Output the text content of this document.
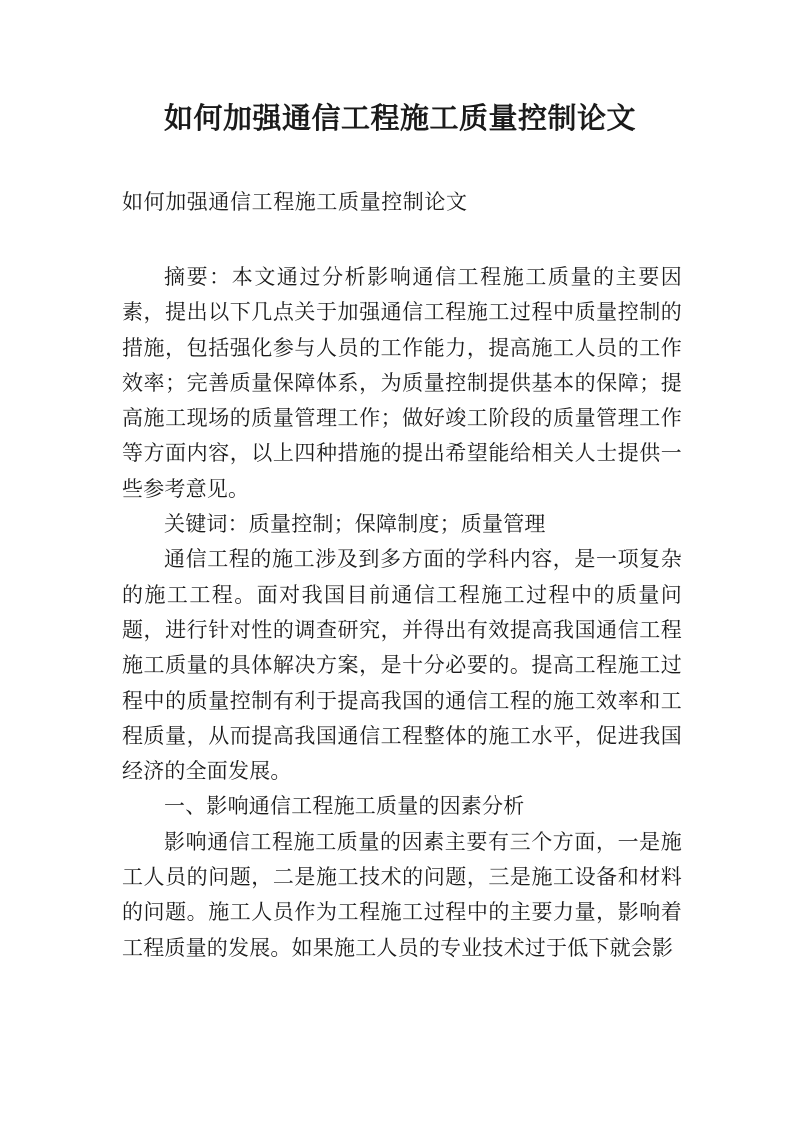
如何加强通信工程施工质量控制论文

如何加强通信工程施工质量控制论文

摘要：本文通过分析影响通信工程施工质量的主要因素，提出以下几点关于加强通信工程施工过程中质量控制的措施，包括强化参与人员的工作能力，提高施工人员的工作效率；完善质量保障体系，为质量控制提供基本的保障；提高施工现场的质量管理工作；做好竣工阶段的质量管理工作等方面内容，以上四种措施的提出希望能给相关人士提供一些参考意见。

关键词：质量控制；保障制度；质量管理

通信工程的施工涉及到多方面的学科内容，是一项复杂的施工工程。面对我国目前通信工程施工过程中的质量问题，进行针对性的调查研究，并得出有效提高我国通信工程施工质量的具体解决方案，是十分必要的。提高工程施工过程中的质量控制有利于提高我国的通信工程的施工效率和工程质量，从而提高我国通信工程整体的施工水平，促进我国经济的全面发展。

一、影响通信工程施工质量的因素分析

影响通信工程施工质量的因素主要有三个方面，一是施工人员的问题，二是施工技术的问题，三是施工设备和材料的问题。施工人员作为工程施工过程中的主要力量，影响着工程质量的发展。如果施工人员的专业技术过于低下就会影
